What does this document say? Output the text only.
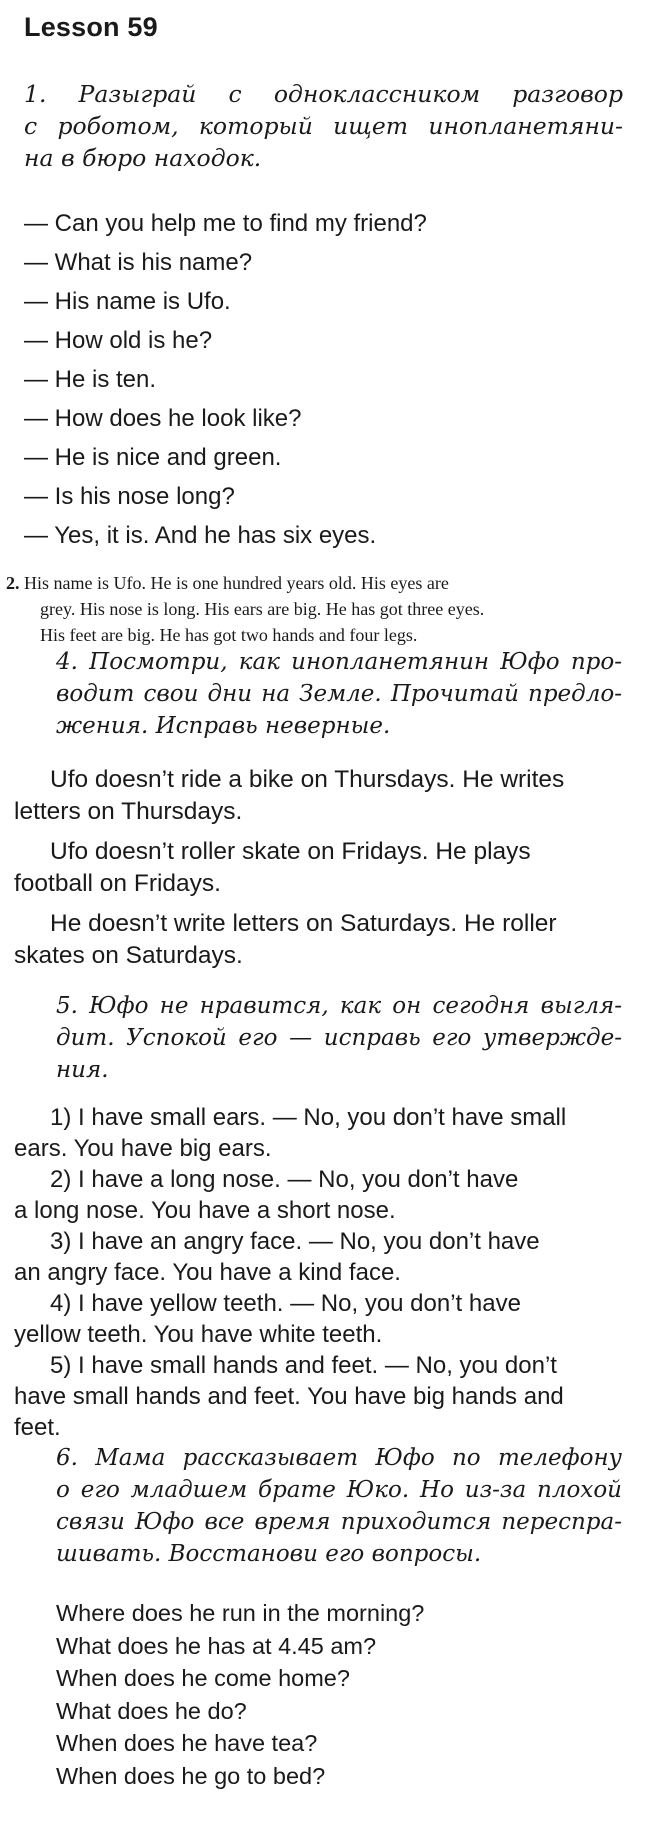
Lesson 59
1. Разыграй с одноклассником разговор
с роботом, который ищет инопланетяни-
на в бюро находок.
— Can you help me to find my friend?
— What is his name?
— His name is Ufo.
— How old is he?
— He is ten.
— How does he look like?
— He is nice and green.
— Is his nose long?
— Yes, it is. And he has six eyes.
2. His name is Ufo. He is one hundred years old. His eyes are
grey. His nose is long. His ears are big. He has got three eyes.
His feet are big. He has got two hands and four legs.
4. Посмотри, как инопланетянин Юфо про-
водит свои дни на Земле. Прочитай предло-
жения. Исправь неверные.
Ufo doesn’t ride a bike on Thursdays. He writes
letters on Thursdays.
Ufo doesn’t roller skate on Fridays. He plays
football on Fridays.
He doesn’t write letters on Saturdays. He roller
skates on Saturdays.
5. Юфо не нравится, как он сегодня выгля-
дит. Успокой его — исправь его утвержде-
ния.
1) I have small ears. — No, you don’t have small
ears. You have big ears.
2) I have a long nose. — No, you don’t have
a long nose. You have a short nose.
3) I have an angry face. — No, you don’t have
an angry face. You have a kind face.
4) I have yellow teeth. — No, you don’t have
yellow teeth. You have white teeth.
5) I have small hands and feet. — No, you don’t
have small hands and feet. You have big hands and
feet.
6. Мама рассказывает Юфо по телефону
о его младшем брате Юко. Но из-за плохой
связи Юфо все время приходится переспра-
шивать. Восстанови его вопросы.
Where does he run in the morning?
What does he has at 4.45 am?
When does he come home?
What does he do?
When does he have tea?
When does he go to bed?
